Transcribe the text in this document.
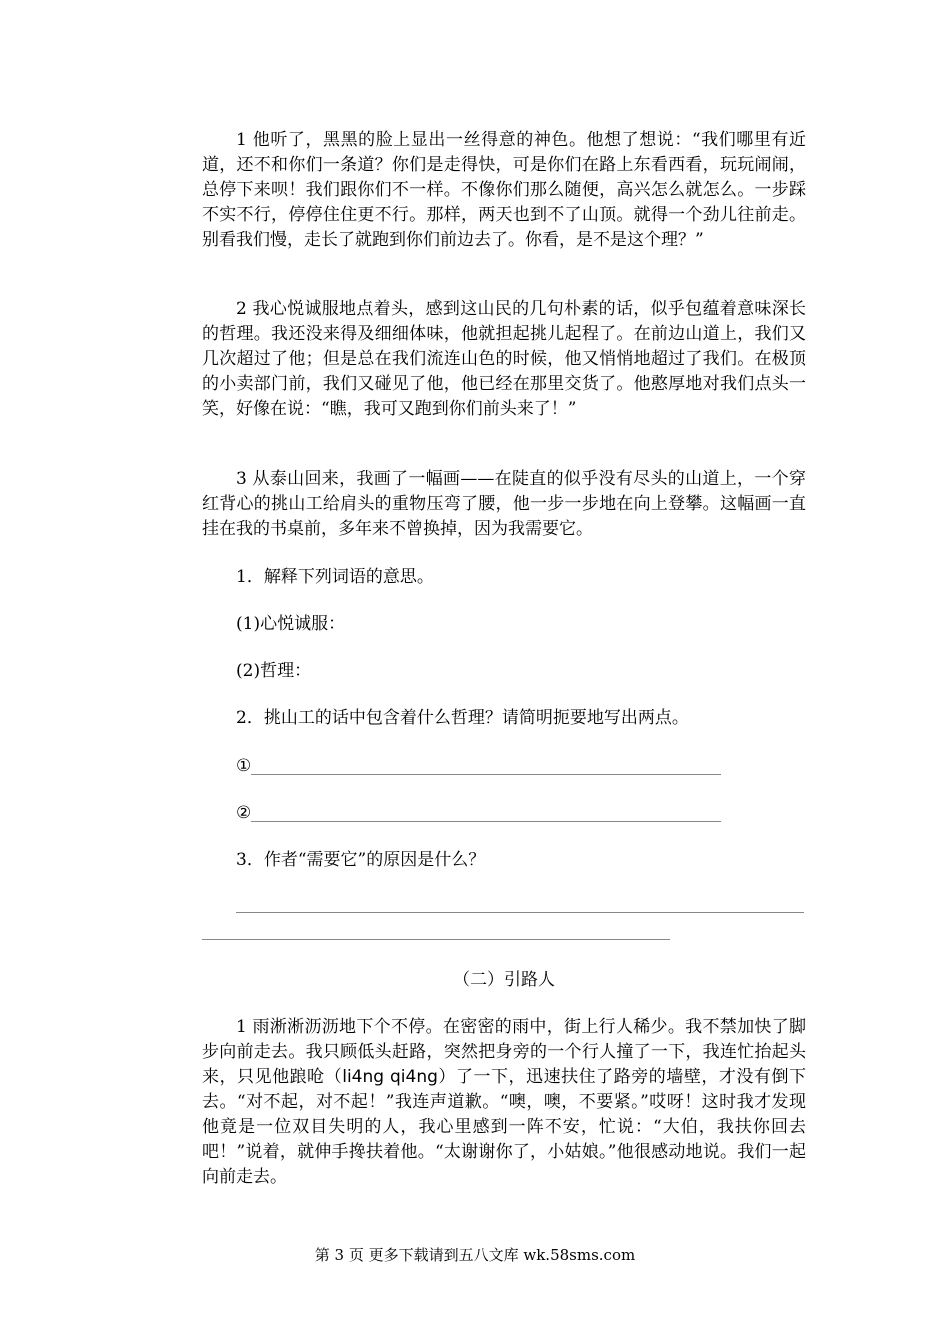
1 他听了，黑黑的脸上显出一丝得意的神色。他想了想说：“我们哪里有近道，还不和你们一条道？你们是走得快，可是你们在路上东看西看，玩玩闹闹，总停下来呗！我们跟你们不一样。不像你们那么随便，高兴怎么就怎么。一步踩不实不行，停停住住更不行。那样，两天也到不了山顶。就得一个劲儿往前走。别看我们慢，走长了就跑到你们前边去了。你看，是不是这个理？”

2 我心悦诚服地点着头，感到这山民的几句朴素的话，似乎包蕴着意味深长的哲理。我还没来得及细细体味，他就担起挑儿起程了。在前边山道上，我们又几次超过了他；但是总在我们流连山色的时候，他又悄悄地超过了我们。在极顶的小卖部门前，我们又碰见了他，他已经在那里交货了。他憨厚地对我们点头一笑，好像在说：“瞧，我可又跑到你们前头来了！”

3 从泰山回来，我画了一幅画——在陡直的似乎没有尽头的山道上，一个穿红背心的挑山工给肩头的重物压弯了腰，他一步一步地在向上登攀。这幅画一直挂在我的书桌前，多年来不曾换掉，因为我需要它。

1．解释下列词语的意思。

(1)心悦诚服：

(2)哲理：

2．挑山工的话中包含着什么哲理？请简明扼要地写出两点。

①
②

3．作者“需要它”的原因是什么？

（二）引路人

1 雨淅淅沥沥地下个不停。在密密的雨中，街上行人稀少。我不禁加快了脚步向前走去。我只顾低头赶路，突然把身旁的一个行人撞了一下，我连忙抬起头来，只见他踉呛（li4ng qi4ng）了一下，迅速扶住了路旁的墙壁，才没有倒下去。“对不起，对不起！”我连声道歉。“噢，噢，不要紧。”哎呀！这时我才发现他竟是一位双目失明的人，我心里感到一阵不安，忙说：“大伯，我扶你回去吧！”说着，就伸手搀扶着他。“太谢谢你了，小姑娘。”他很感动地说。我们一起向前走去。

第 3 页 更多下载请到五八文库 wk.58sms.com
